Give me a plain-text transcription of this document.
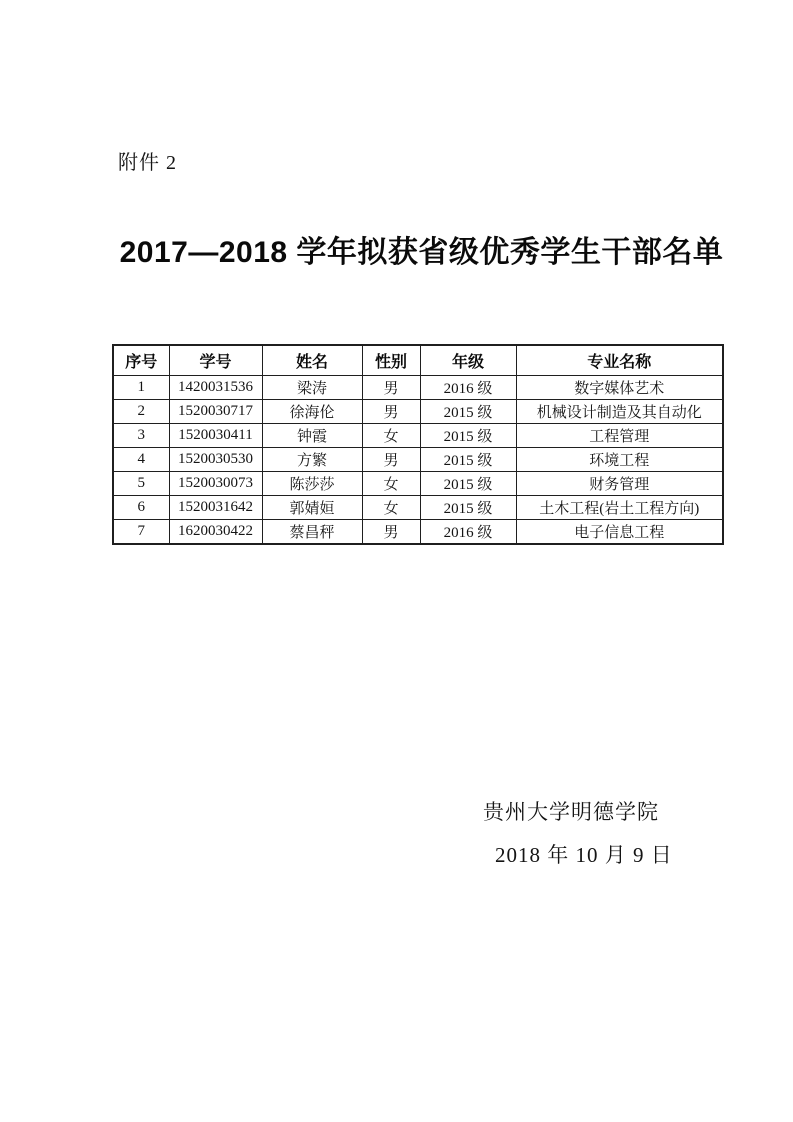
附件 2
2017—2018 学年拟获省级优秀学生干部名单
序号	学号	姓名	性别	年级	专业名称
1	1420031536	梁涛	男	2016 级	数字媒体艺术
2	1520030717	徐海伦	男	2015 级	机械设计制造及其自动化
3	1520030411	钟霞	女	2015 级	工程管理
4	1520030530	方繁	男	2015 级	环境工程
5	1520030073	陈莎莎	女	2015 级	财务管理
6	1520031642	郭婧姮	女	2015 级	土木工程(岩土工程方向)
7	1620030422	蔡昌秤	男	2016 级	电子信息工程
贵州大学明德学院
2018 年 10 月 9 日
